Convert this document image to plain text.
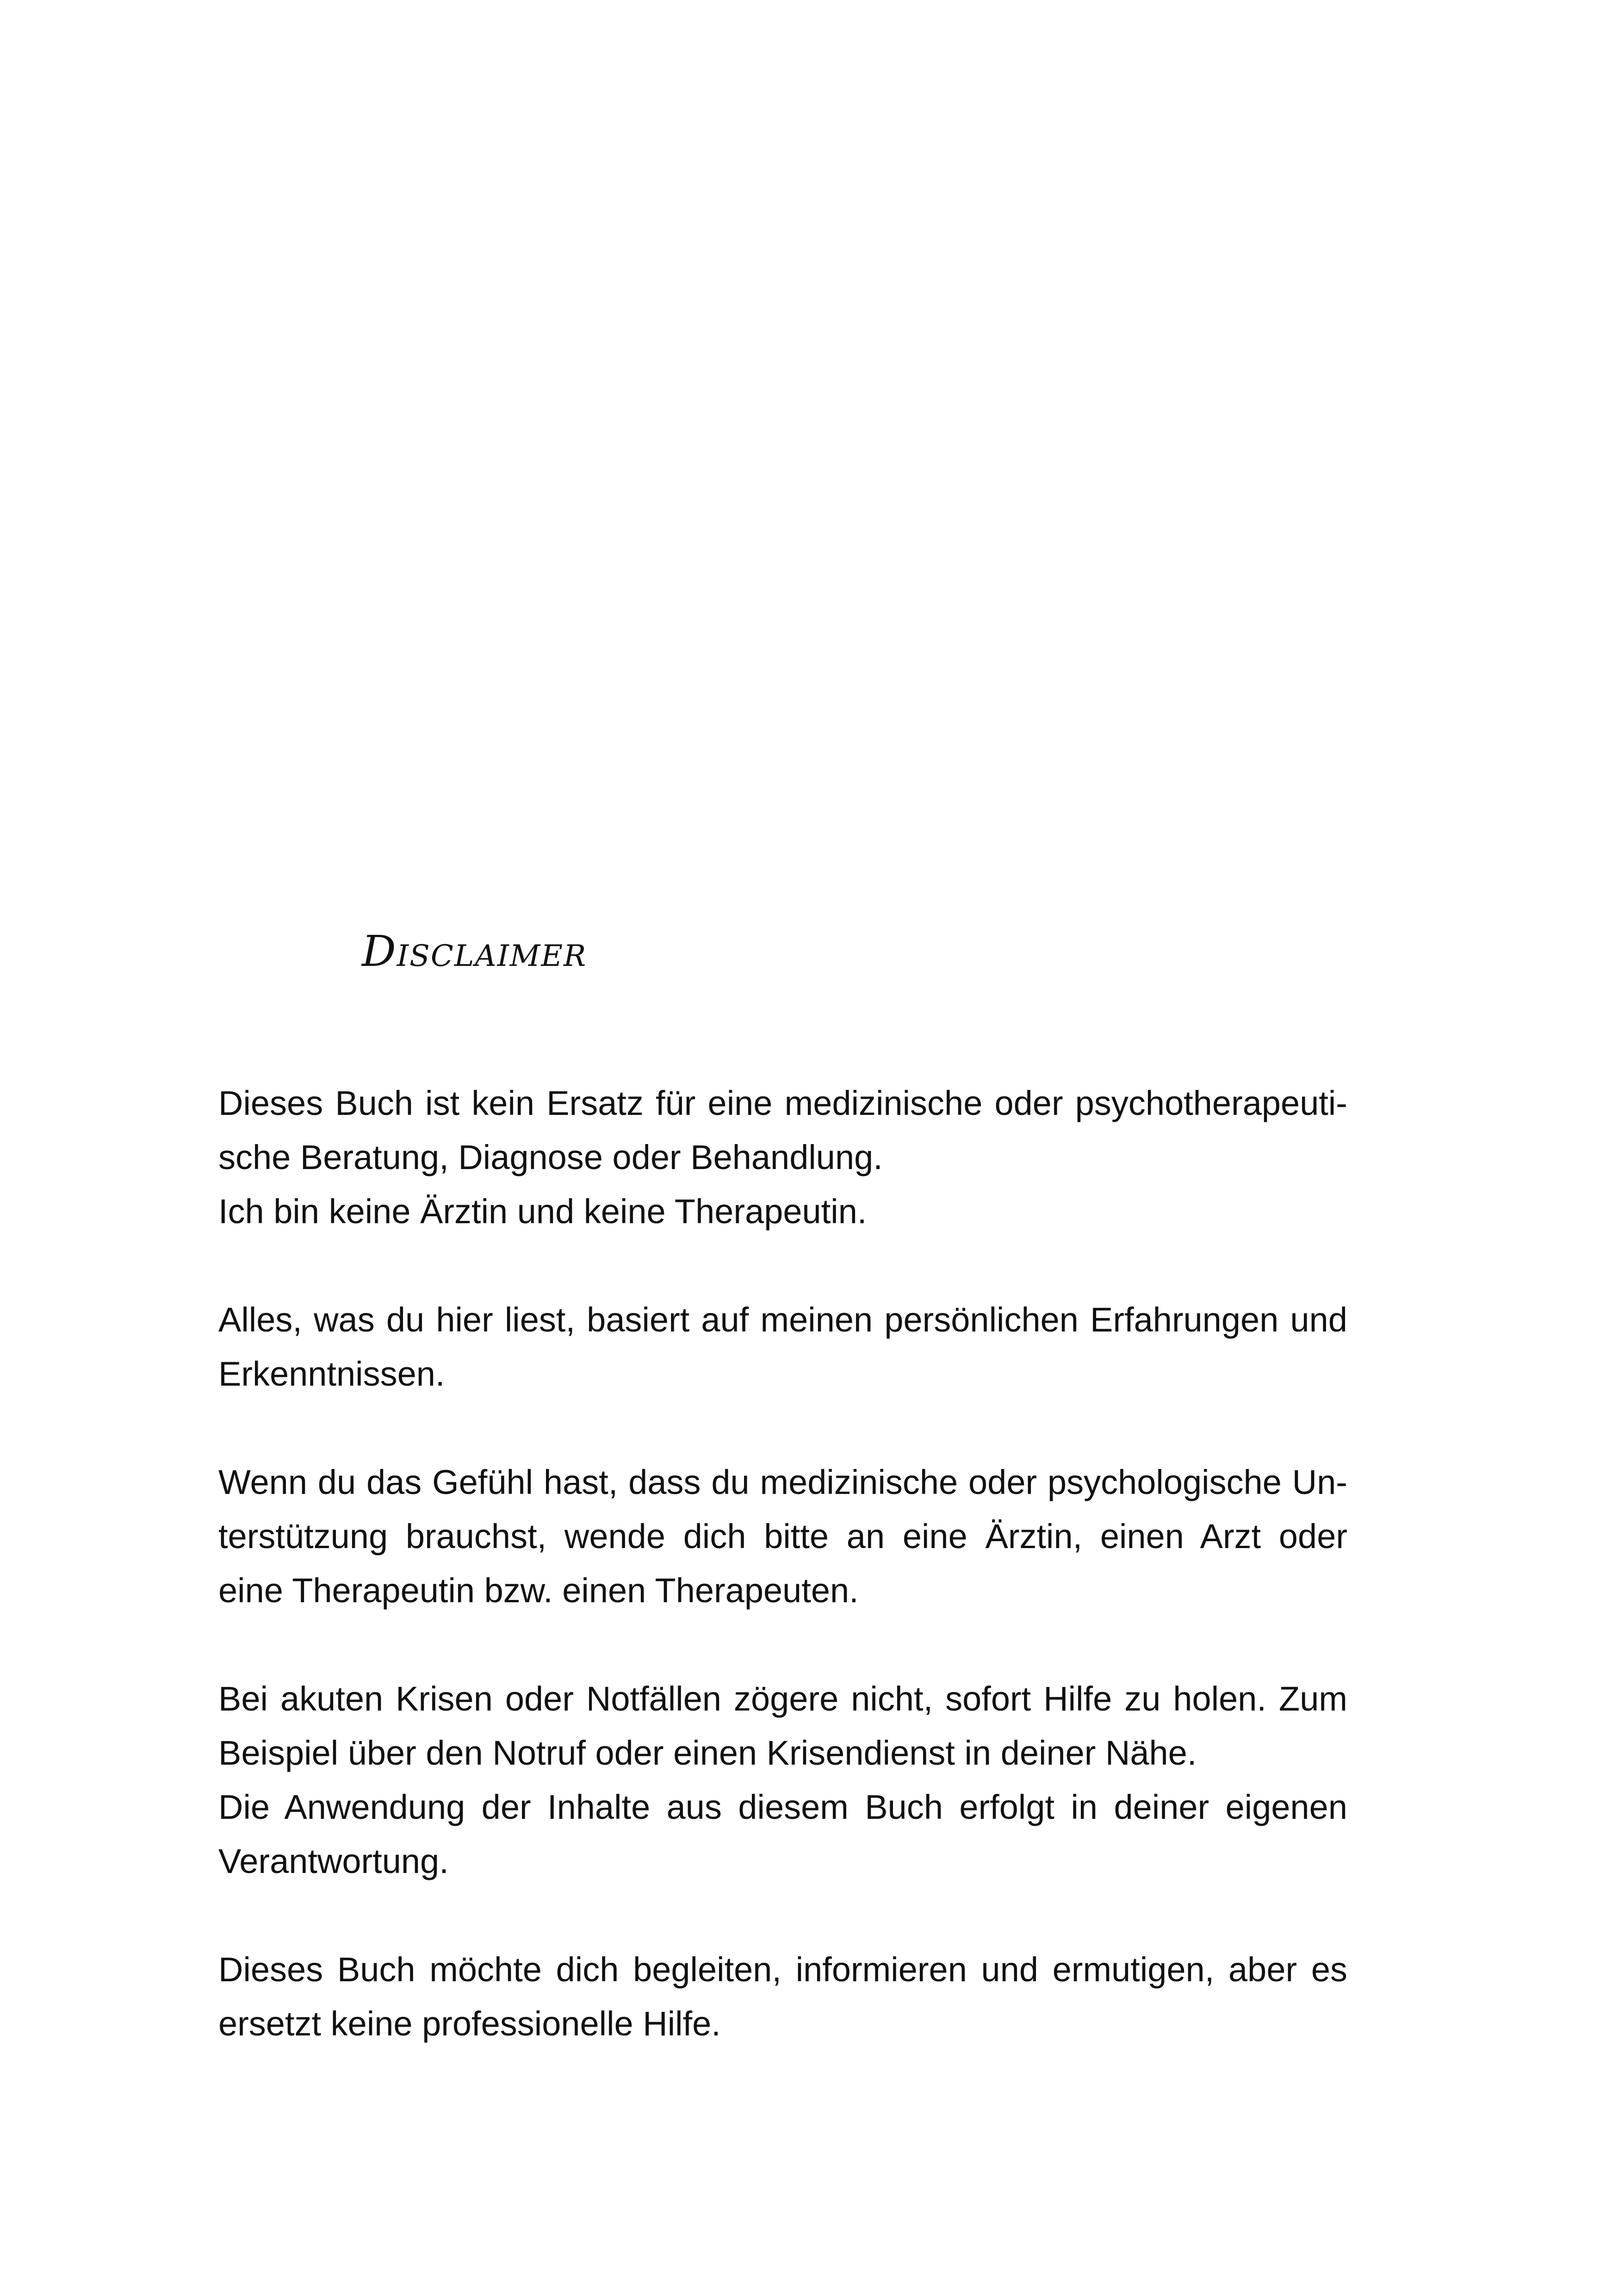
Disclaimer

Dieses Buch ist kein Ersatz für eine medizinische oder psychotherapeuti-
sche Beratung, Diagnose oder Behandlung.
Ich bin keine Ärztin und keine Therapeutin.

Alles, was du hier liest, basiert auf meinen persönlichen Erfahrungen und
Erkenntnissen.

Wenn du das Gefühl hast, dass du medizinische oder psychologische Un-
terstützung brauchst, wende dich bitte an eine Ärztin, einen Arzt oder
eine Therapeutin bzw. einen Therapeuten.

Bei akuten Krisen oder Notfällen zögere nicht, sofort Hilfe zu holen. Zum
Beispiel über den Notruf oder einen Krisendienst in deiner Nähe.
Die Anwendung der Inhalte aus diesem Buch erfolgt in deiner eigenen
Verantwortung.

Dieses Buch möchte dich begleiten, informieren und ermutigen, aber es
ersetzt keine professionelle Hilfe.
